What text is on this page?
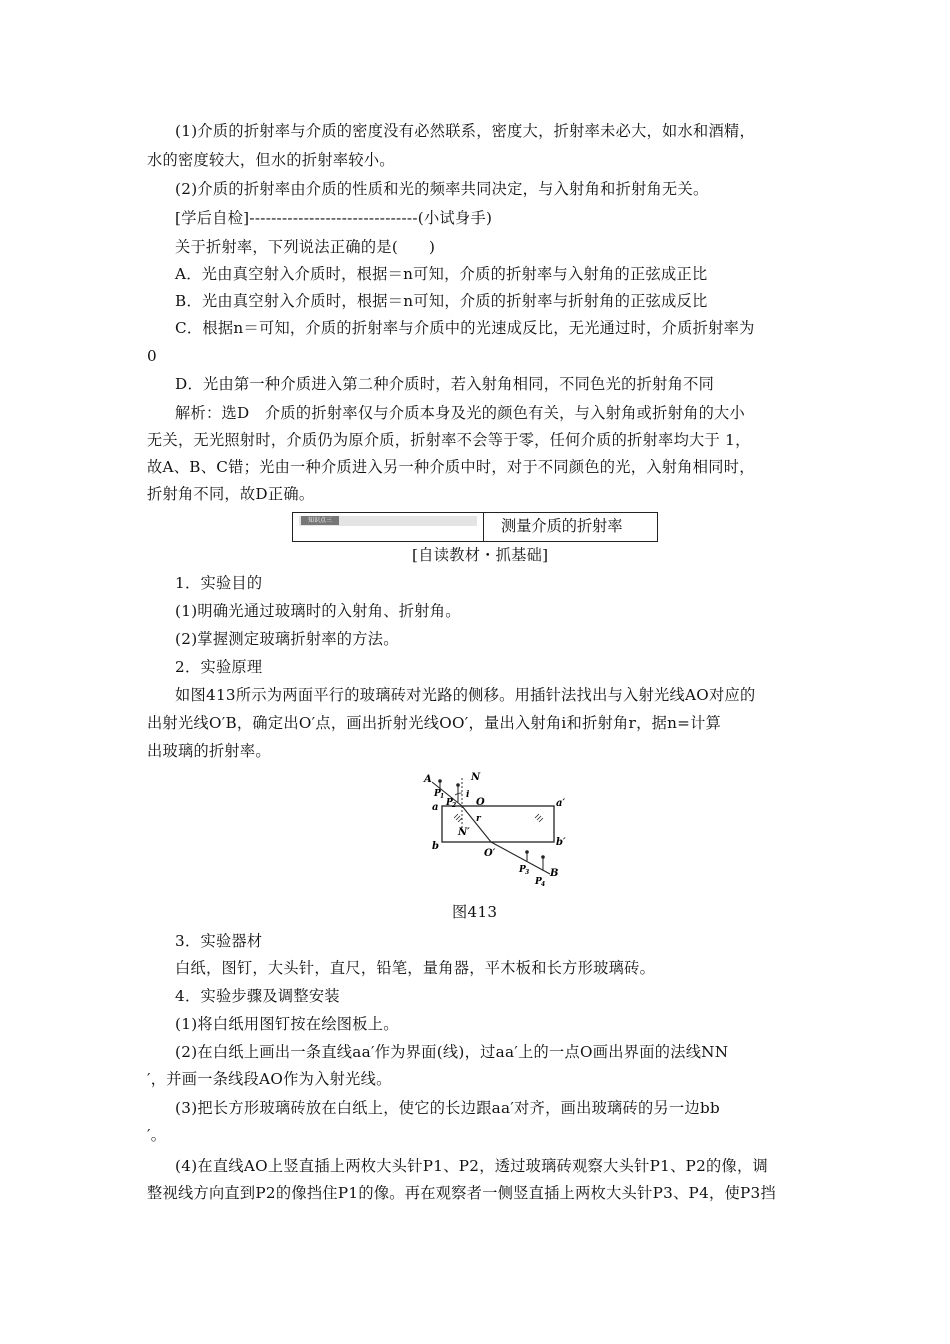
(1)介质的折射率与介质的密度没有必然联系，密度大，折射率未必大，如水和酒精，
水的密度较大，但水的折射率较小。
(2)介质的折射率由介质的性质和光的频率共同决定，与入射角和折射角无关。
[学后自检]-------------------------------(小试身手)
关于折射率，下列说法正确的是(　　)
A．光由真空射入介质时，根据＝n可知，介质的折射率与入射角的正弦成正比
B．光由真空射入介质时，根据＝n可知，介质的折射率与折射角的正弦成反比
C．根据n＝可知，介质的折射率与介质中的光速成反比，无光通过时，介质折射率为
0
D．光由第一种介质进入第二种介质时，若入射角相同，不同色光的折射角不同
解析：选D　介质的折射率仅与介质本身及光的颜色有关，与入射角或折射角的大小
无关，无光照射时，介质仍为原介质，折射率不会等于零，任何介质的折射率均大于 1，
故A、B、C错；光由一种介质进入另一种介质中时，对于不同颜色的光，入射角相同时，
折射角不同，故D正确。
知识点三	测量介质的折射率
[自读教材・抓基础]
1．实验目的
(1)明确光通过玻璃时的入射角、折射角。
(2)掌握测定玻璃折射率的方法。
2．实验原理
如图413所示为两面平行的玻璃砖对光路的侧移。用插针法找出与入射光线AO对应的
出射光线O′B，确定出O′点，画出折射光线OO′，量出入射角i和折射角r，据n=计算
出玻璃的折射率。
A
P 1
P 2
N
i
O
a	a′
r
N′
b	b′
O′
P 3 B
P 4
图413
3．实验器材
白纸，图钉，大头针，直尺，铅笔，量角器，平木板和长方形玻璃砖。
4．实验步骤及调整安装
(1)将白纸用图钉按在绘图板上。
(2)在白纸上画出一条直线aa′作为界面(线)，过aa′上的一点O画出界面的法线NN
′，并画一条线段AO作为入射光线。
(3)把长方形玻璃砖放在白纸上，使它的长边跟aa′对齐，画出玻璃砖的另一边bb
′。
(4)在直线AO上竖直插上两枚大头针P1、P2，透过玻璃砖观察大头针P1、P2的像，调
整视线方向直到P2的像挡住P1的像。再在观察者一侧竖直插上两枚大头针P3、P4，使P3挡
